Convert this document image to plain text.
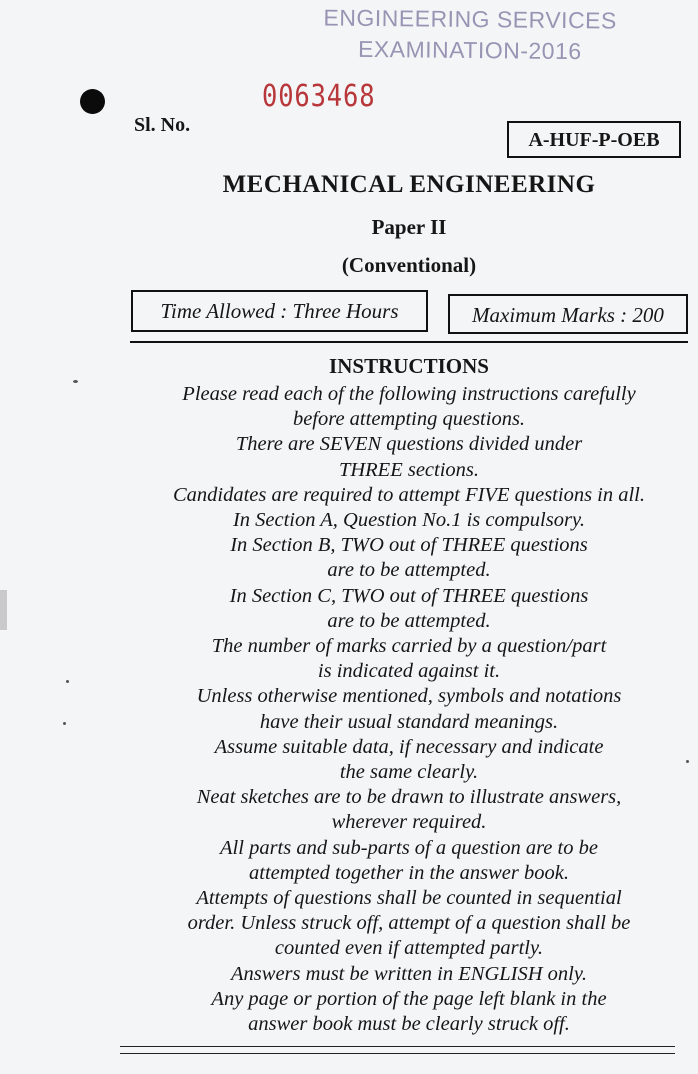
ENGINEERING SERVICES
EXAMINATION-2016
0063468
Sl. No.
A-HUF-P-OEB
MECHANICAL ENGINEERING
Paper II
(Conventional)
Time Allowed : Three Hours	Maximum Marks : 200
INSTRUCTIONS
Please read each of the following instructions carefully
before attempting questions.
There are SEVEN questions divided under
THREE sections.
Candidates are required to attempt FIVE questions in all.
In Section A, Question No.1 is compulsory.
In Section B, TWO out of THREE questions
are to be attempted.
In Section C, TWO out of THREE questions
are to be attempted.
The number of marks carried by a question/part
is indicated against it.
Unless otherwise mentioned, symbols and notations
have their usual standard meanings.
Assume suitable data, if necessary and indicate
the same clearly.
Neat sketches are to be drawn to illustrate answers,
wherever required.
All parts and sub-parts of a question are to be
attempted together in the answer book.
Attempts of questions shall be counted in sequential
order. Unless struck off, attempt of a question shall be
counted even if attempted partly.
Answers must be written in ENGLISH only.
Any page or portion of the page left blank in the
answer book must be clearly struck off.
